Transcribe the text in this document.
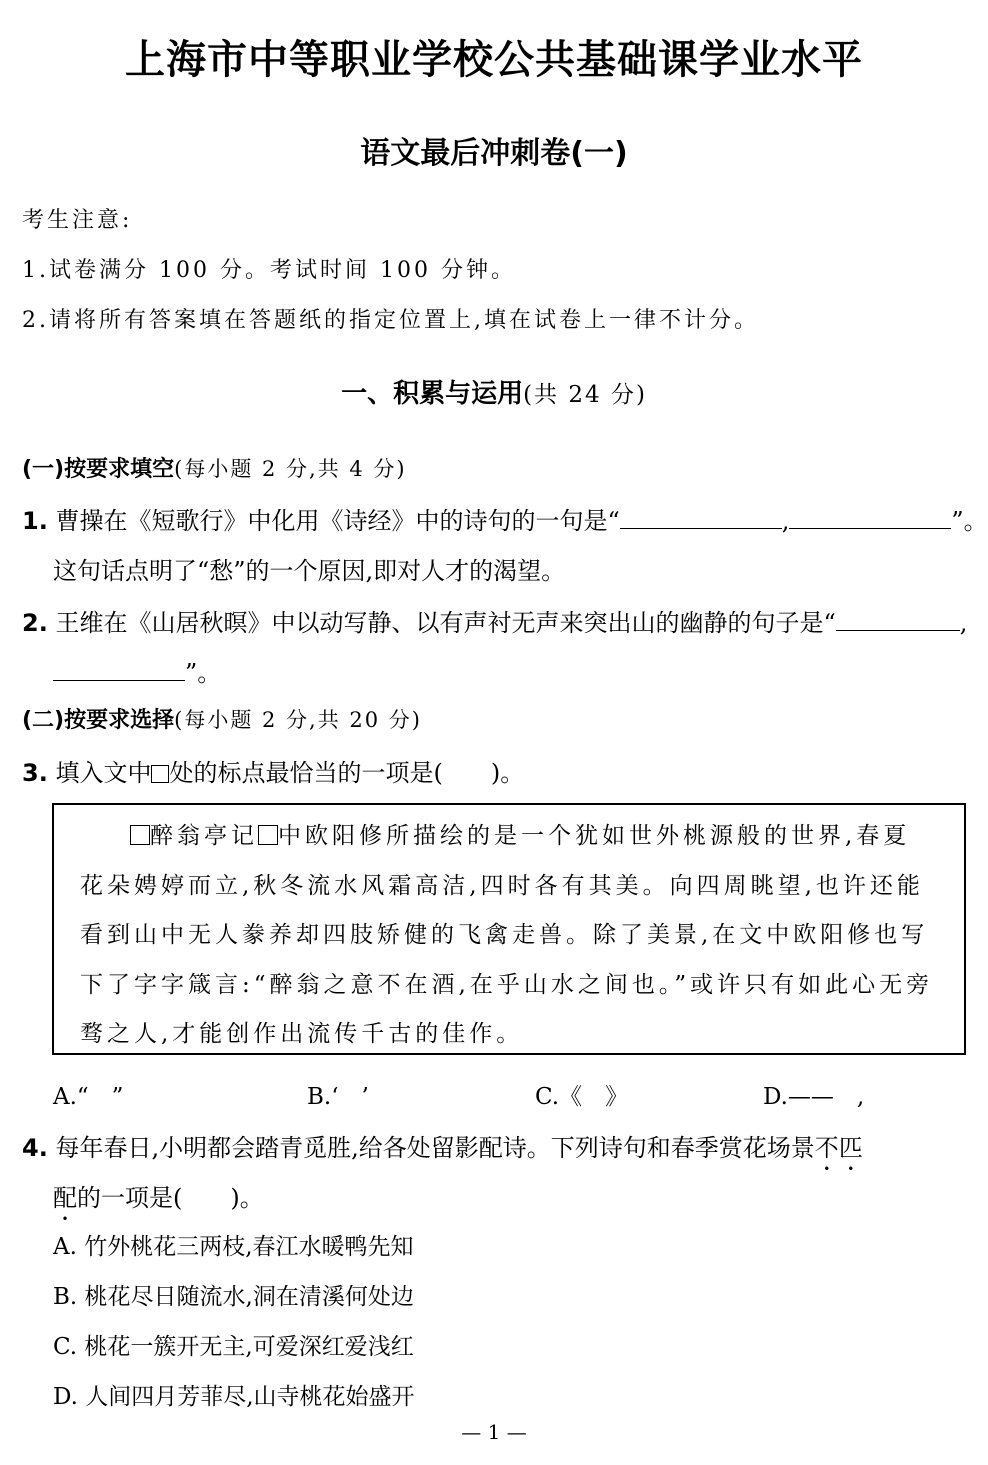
上海市中等职业学校公共基础课学业水平
语文最后冲刺卷(一)
考生注意:
1.试卷满分 100 分。考试时间 100 分钟。
2.请将所有答案填在答题纸的指定位置上,填在试卷上一律不计分。
一、积累与运用(共 24 分)
(一)按要求填空(每小题 2 分,共 4 分)
1. 曹操在《短歌行》中化用《诗经》中的诗句的一句是“	,	”。
这句话点明了“愁”的一个原因,即对人才的渴望。
2. 王维在《山居秋暝》中以动写静、以有声衬无声来突出山的幽静的句子是“	,
”。
(二)按要求选择(每小题 2 分,共 20 分)
3. 填入文中 处的标点最恰当的一项是(　　)。
醉翁亭记 中欧阳修所描绘的是一个犹如世外桃源般的世界,春夏
花朵娉婷而立,秋冬流水风霜高洁,四时各有其美。向四周眺望,也许还能
看到山中无人豢养却四肢矫健的飞禽走兽。除了美景,在文中欧阳修也写
下了字字箴言:“醉翁之意不在酒,在乎山水之间也。”或许只有如此心无旁
骛之人,才能创作出流传千古的佳作。
A.“　”	B.‘　’	C.《　》	D.——　,
4. 每年春日,小明都会踏青觅胜,给各处留影配诗。下列诗句和春季赏花场景不匹
配的一项是(　　)。
A. 竹外桃花三两枝,春江水暖鸭先知
B. 桃花尽日随流水,洞在清溪何处边
C. 桃花一簇开无主,可爱深红爱浅红
D. 人间四月芳菲尽,山寺桃花始盛开
— 1 —
